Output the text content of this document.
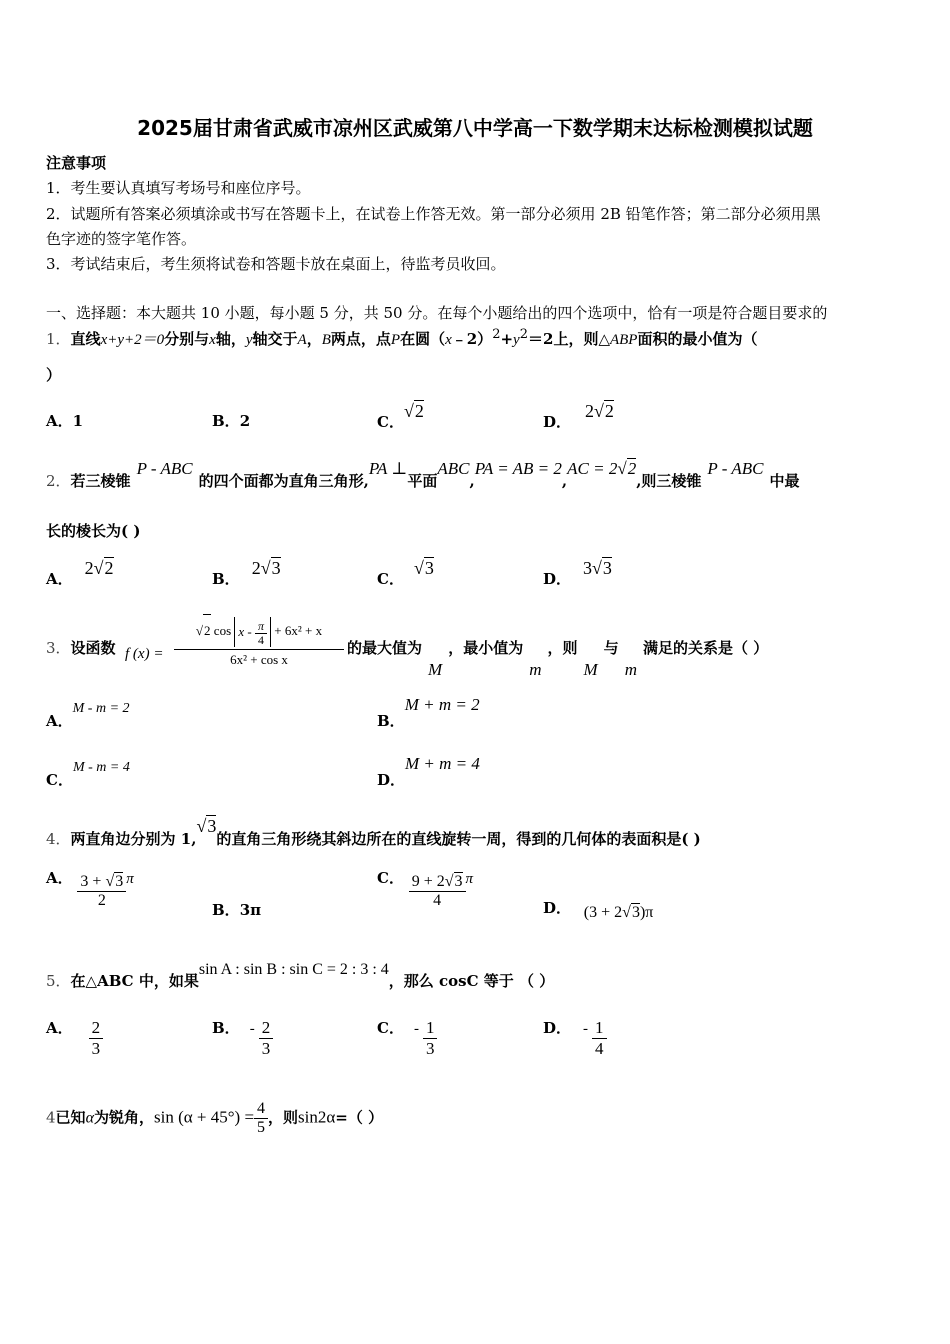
2025届甘肃省武威市凉州区武威第八中学高一下数学期末达标检测模拟试题
注意事项
1．考生要认真填写考场号和座位序号。
2．试题所有答案必须填涂或书写在答题卡上，在试卷上作答无效。第一部分必须用 2B 铅笔作答；第二部分必须用黑
色字迹的签字笔作答。
3．考试结束后，考生须将试卷和答题卡放在桌面上，待监考员收回。
一、选择题：本大题共 10 小题，每小题 5 分，共 50 分。在每个小题给出的四个选项中，恰有一项是符合题目要求的
1．直线x+y+2＝0分别与x轴，y轴交于A，B两点，点P在圆$(x﹣2)^2+y^2=2$上，则△ABP面积的最小值为（
）
A．1	B．2	C．√2
D．2√2
2．若三棱锥P - ABC的四个面都为直角三角形,PA ⊥平面ABC,PA = AB = 2,AC = 2√2,则三棱锥P - ABC中最
长的棱长为( )
A．2√2
B．2√3
C．√3
D．3√3
3．设函数 f (x) =
√2 $\cos x - \frac{\pi}{4} + 6x^2 + x$
6x² + cos x
的最大值为M，最小值为m，则M与m满足的关系是（ ）
A．M - m = 2
B．M + m = 2
C．M - m = 4
D．M + m = 4
4．两直角边分别为 1,√3的直角三角形绕其斜边所在的直线旋转一周，得到的几何体的表面积是( )
A． $\frac{3 + √3}{2}$ π
B．3π
C． $\frac{9 + 2√3}{4}$ π
D． (3 + 2√3)π
5．在△ABC 中，如果sin A : sin B : sin C = 2 : 3 : 4，那么 cosC 等于 （ ）
A． $\frac{2}{3}$	B． - $\frac{2}{3}$	C． - $\frac{1}{3}$	D． - $\frac{1}{4}$
4已知α为锐角，$\sin (\alpha + 45^\circ) = \frac{4}{5}$ ，则sin2α=（ ）
